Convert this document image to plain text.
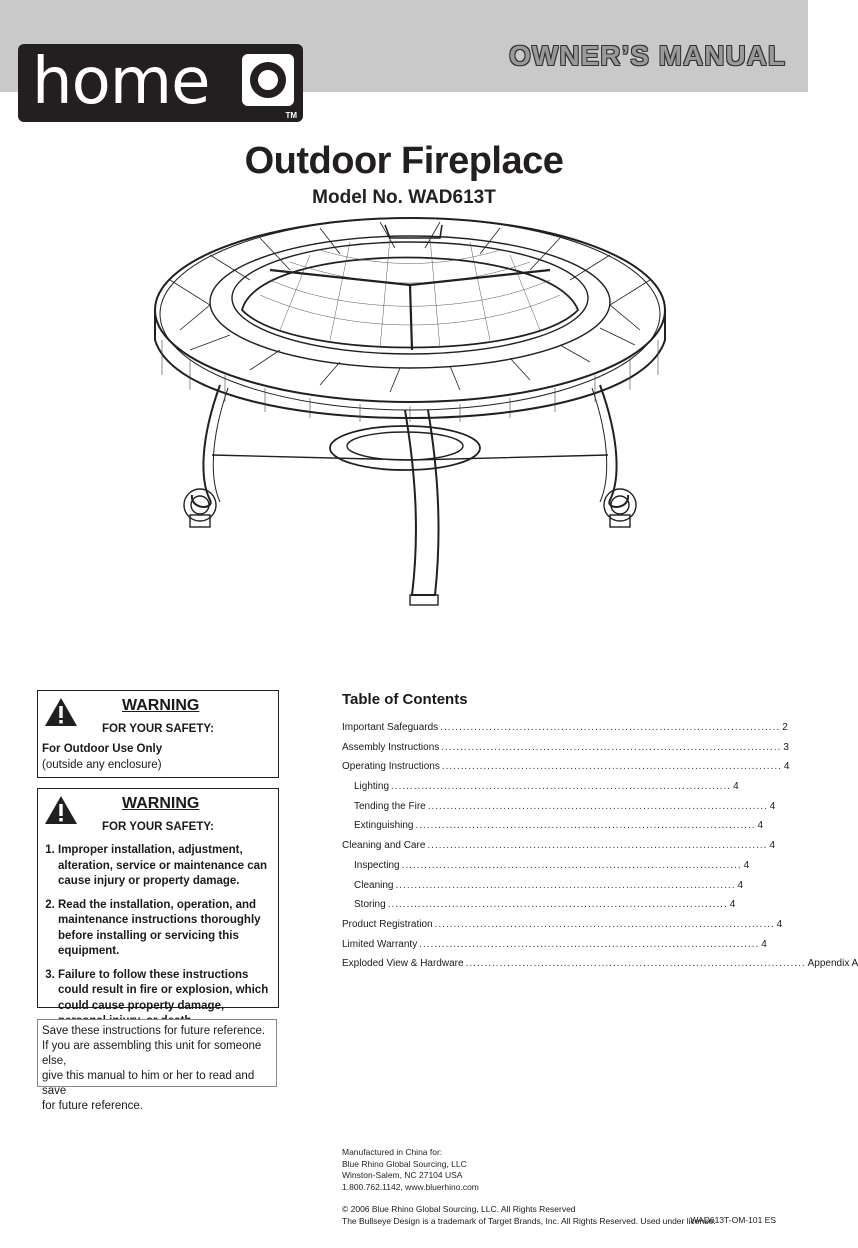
home	TM
OWNER’S MANUAL
Outdoor Fireplace
Model No. WAD613T
WARNING
FOR YOUR SAFETY:
For Outdoor Use Only
(outside any enclosure)
WARNING
FOR YOUR SAFETY:
1. Improper installation, adjustment, alteration, service or maintenance can cause injury or property damage.
2. Read the installation, operation, and maintenance instructions thoroughly before installing or servicing this equipment.
3. Failure to follow these instructions could result in fire or explosion, which could cause property damage,
Save these instructions for future reference.
If you are assembling this unit for someone else,
give this manual to him or her to read and save
for future reference.
Table of Contents
Important Safeguards .......................................................................................... 2
Assembly Instructions .......................................................................................... 3
Operating Instructions .......................................................................................... 4
Lighting .......................................................................................... 4
Tending the Fire .......................................................................................... 4
Extinguishing .......................................................................................... 4
Cleaning and Care .......................................................................................... 4
Inspecting .......................................................................................... 4
Cleaning .......................................................................................... 4
Storing .......................................................................................... 4
Product Registration .......................................................................................... 4
Limited Warranty .......................................................................................... 4
Exploded View & Hardware .......................................................................................... Appendix A
Manufactured in China for:
Blue Rhino Global Sourcing, LLC
Winston-Salem, NC 27104 USA
1.800.762.1142, www.bluerhino.com
© 2006 Blue Rhino Global Sourcing, LLC. All Rights Reserved
The Bullseye Design is a trademark of Target Brands, Inc. All Rights Reserved. Used under license.
WAD613T-OM-101 ES
